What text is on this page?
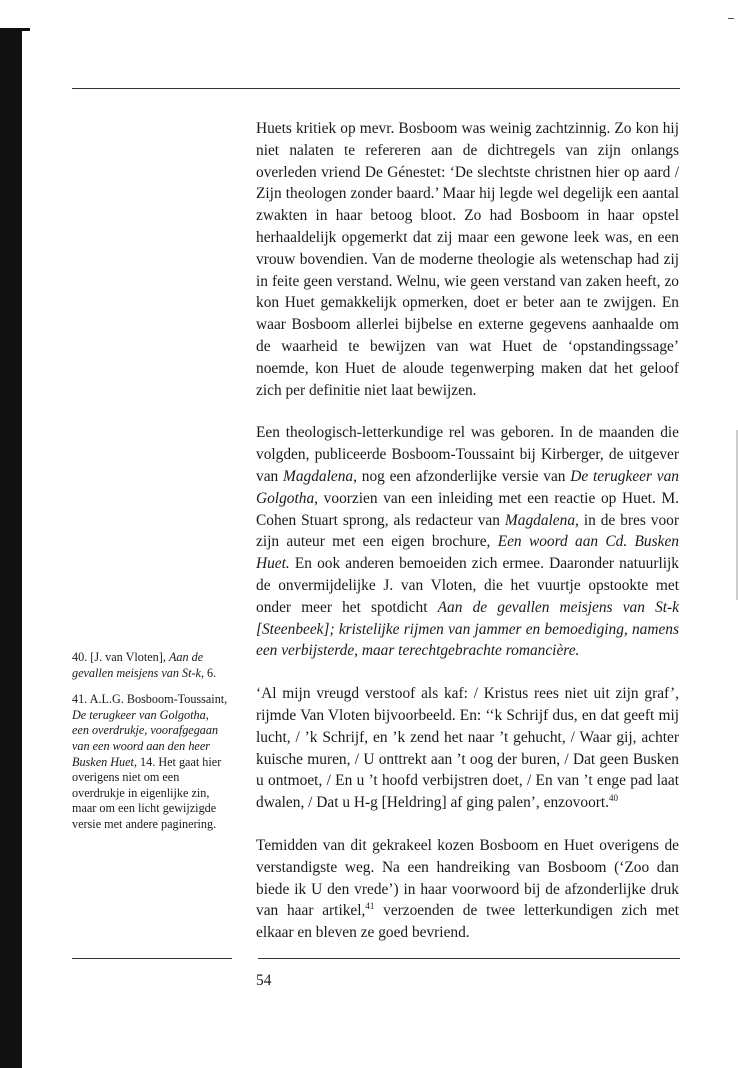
Huets kritiek op mevr. Bosboom was weinig zachtzinnig. Zo kon hij niet nalaten te refereren aan de dichtregels van zijn onlangs overleden vriend De Génestet: ‘De slechtste christnen hier op aard / Zijn theologen zonder baard.’ Maar hij legde wel degelijk een aantal zwakten in haar betoog bloot. Zo had Bosboom in haar opstel herhaaldelijk opgemerkt dat zij maar een gewone leek was, en een vrouw bovendien. Van de moderne theologie als wetenschap had zij in feite geen verstand. Welnu, wie geen verstand van zaken heeft, zo kon Huet gemakkelijk opmerken, doet er beter aan te zwijgen. En waar Bosboom allerlei bijbelse en externe gegevens aanhaalde om de waarheid te bewijzen van wat Huet de ‘opstandingssage’ noemde, kon Huet de aloude tegenwerping maken dat het geloof zich per definitie niet laat bewijzen.

Een theologisch-letterkundige rel was geboren. In de maanden die volgden, publiceerde Bosboom-Toussaint bij Kirberger, de uitgever van Magdalena, nog een afzonderlijke versie van De terugkeer van Golgotha, voorzien van een inleiding met een reactie op Huet. M. Cohen Stuart sprong, als redacteur van Magdalena, in de bres voor zijn auteur met een eigen brochure, Een woord aan Cd. Busken Huet. En ook anderen bemoeiden zich ermee. Daaronder natuurlijk de onvermijdelijke J. van Vloten, die het vuurtje opstookte met onder meer het spotdicht Aan de gevallen meisjens van St-k [Steenbeek]; kristelijke rijmen van jammer en bemoediging, namens een verbijsterde, maar terechtgebrachte romancière.

‘Al mijn vreugd verstoof als kaf: / Kristus rees niet uit zijn graf’, rijmde Van Vloten bijvoorbeeld. En: ‘‘k Schrijf dus, en dat geeft mij lucht, / ’k Schrijf, en ’k zend het naar ’t gehucht, / Waar gij, achter kuische muren, / U onttrekt aan ’t oog der buren, / Dat geen Busken u ontmoet, / En u ’t hoofd verbijstren doet, / En van ’t enge pad laat dwalen, / Dat u H-g [Heldring] af ging palen’, enzovoort.$^{40}$

Temidden van dit gekrakeel kozen Bosboom en Huet overigens de verstandigste weg. Na een handreiking van Bosboom (‘Zoo dan biede ik U den vrede’) in haar voorwoord bij de afzonderlijke druk van haar artikel,$^{41}$ verzoenden de twee letterkundigen zich met elkaar en bleven ze goed bevriend.

40. [J. van Vloten], Aan de gevallen meisjens van St-k, 6.

41. A.L.G. Bosboom-Toussaint, De terugkeer van Golgotha, een overdrukje, voorafgegaan van een woord aan den heer Busken Huet, 14. Het gaat hier overigens niet om een overdrukje in eigenlijke zin, maar om een licht gewijzigde versie met andere paginering.

54
